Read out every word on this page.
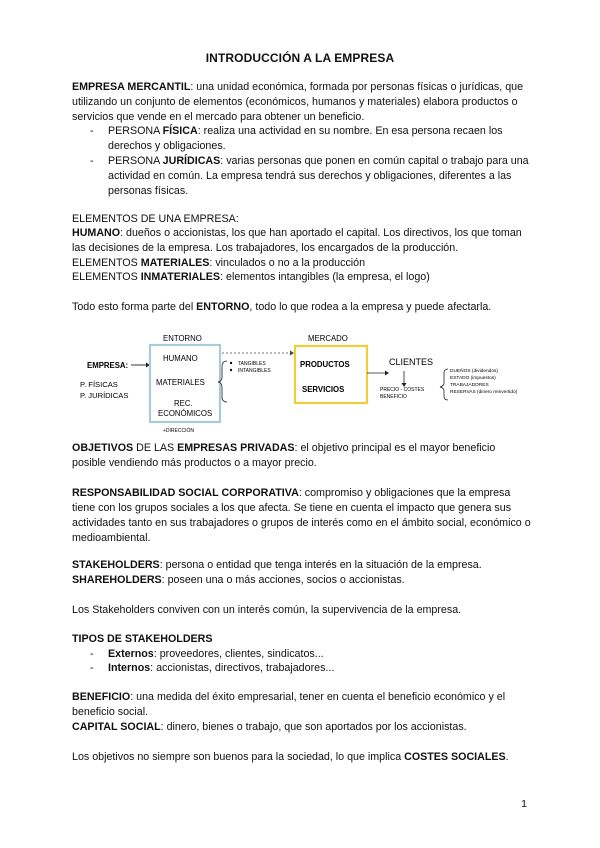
INTRODUCCIÓN A LA EMPRESA
EMPRESA MERCANTIL: una unidad económica, formada por personas físicas o jurídicas, que utilizando un conjunto de elementos (económicos, humanos y materiales) elabora productos o servicios que vende en el mercado para obtener un beneficio.
- PERSONA FÍSICA: realiza una actividad en su nombre. En esa persona recaen los derechos y obligaciones.
- PERSONA JURÍDICAS: varias personas que ponen en común capital o trabajo para una actividad en común. La empresa tendrá sus derechos y obligaciones, diferentes a las personas físicas.
ELEMENTOS DE UNA EMPRESA:
HUMANO: dueños o accionistas, los que han aportado el capital. Los directivos, los que toman las decisiones de la empresa. Los trabajadores, los encargados de la producción.
ELEMENTOS MATERIALES: vinculados o no a la producción
ELEMENTOS INMATERIALES: elementos intangibles (la empresa, el logo)
Todo esto forma parte del ENTORNO, todo lo que rodea a la empresa y puede afectarla.
EMPRESA:
P. FÍSICAS
P. JURÍDICAS
ENTORNO
HUMANO
MATERIALES
REC.
ECONÓMICOS
+DIRECCIÓN
TANGIBLES
INTANGIBLES
MERCADO
PRODUCTOS
SERVICIOS
CLIENTES
PRECIO - COSTES
BENEFICIO
DUEÑOS (dividendos)
ESTADO (impuestos)
TRABAJADORES
RESERVAS (dinero reinvertido)
OBJETIVOS DE LAS EMPRESAS PRIVADAS: el objetivo principal es el mayor beneficio posible vendiendo más productos o a mayor precio.
RESPONSABILIDAD SOCIAL CORPORATIVA: compromiso y obligaciones que la empresa tiene con los grupos sociales a los que afecta. Se tiene en cuenta el impacto que genera sus actividades tanto en sus trabajadores o grupos de interés como en el ámbito social, económico o medioambiental.
STAKEHOLDERS: persona o entidad que tenga interés en la situación de la empresa.
SHAREHOLDERS: poseen una o más acciones, socios o accionistas.
Los Stakeholders conviven con un interés común, la supervivencia de la empresa.
TIPOS DE STAKEHOLDERS
- Externos: proveedores, clientes, sindicatos...
- Internos: accionistas, directivos, trabajadores...
BENEFICIO: una medida del éxito empresarial, tener en cuenta el beneficio económico y el beneficio social.
CAPITAL SOCIAL: dinero, bienes o trabajo, que son aportados por los accionistas.
Los objetivos no siempre son buenos para la sociedad, lo que implica COSTES SOCIALES.
1
